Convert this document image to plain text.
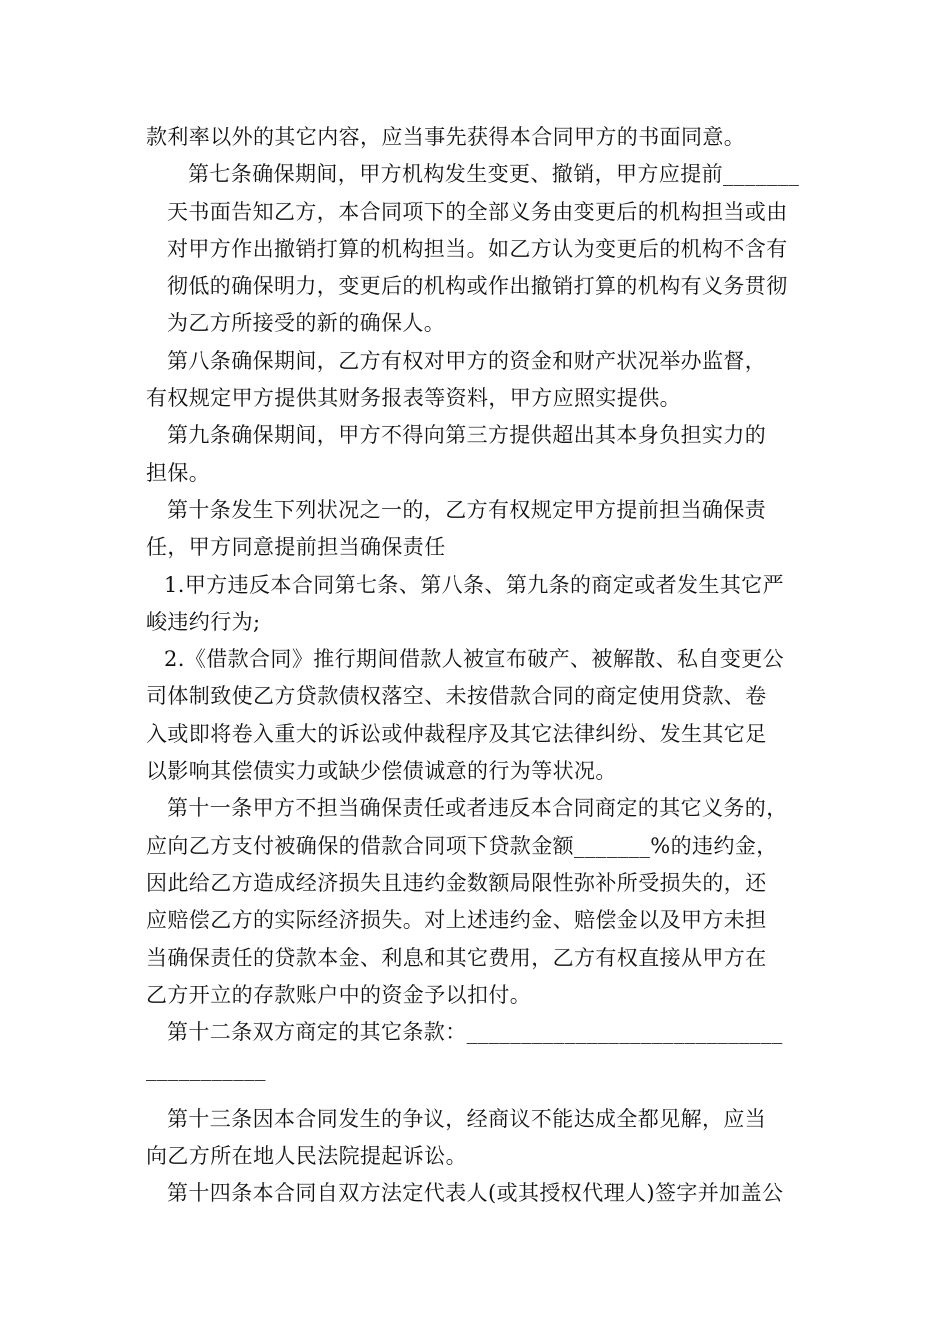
款利率以外的其它内容，应当事先获得本合同甲方的书面同意。

第七条确保期间，甲方机构发生变更、撤销，甲方应提前_______
天书面告知乙方，本合同项下的全部义务由变更后的机构担当或由
对甲方作出撤销打算的机构担当。如乙方认为变更后的机构不含有
彻低的确保明力，变更后的机构或作出撤销打算的机构有义务贯彻
为乙方所接受的新的确保人。

第八条确保期间，乙方有权对甲方的资金和财产状况举办监督，
有权规定甲方提供其财务报表等资料，甲方应照实提供。

第九条确保期间，甲方不得向第三方提供超出其本身负担实力的
担保。

第十条发生下列状况之一的，乙方有权规定甲方提前担当确保责
任，甲方同意提前担当确保责任

1.甲方违反本合同第七条、第八条、第九条的商定或者发生其它严
峻违约行为;

2.《借款合同》推行期间借款人被宣布破产、被解散、私自变更公
司体制致使乙方贷款债权落空、未按借款合同的商定使用贷款、卷
入或即将卷入重大的诉讼或仲裁程序及其它法律纠纷、发生其它足
以影响其偿债实力或缺少偿债诚意的行为等状况。

第十一条甲方不担当确保责任或者违反本合同商定的其它义务的，
应向乙方支付被确保的借款合同项下贷款金额_______%的违约金，
因此给乙方造成经济损失且违约金数额局限性弥补所受损失的，还
应赔偿乙方的实际经济损失。对上述违约金、赔偿金以及甲方未担
当确保责任的贷款本金、利息和其它费用，乙方有权直接从甲方在
乙方开立的存款账户中的资金予以扣付。

第十二条双方商定的其它条款：_____________________________
___________

第十三条因本合同发生的争议，经商议不能达成全都见解，应当
向乙方所在地人民法院提起诉讼。

第十四条本合同自双方法定代表人(或其授权代理人)签字并加盖公
